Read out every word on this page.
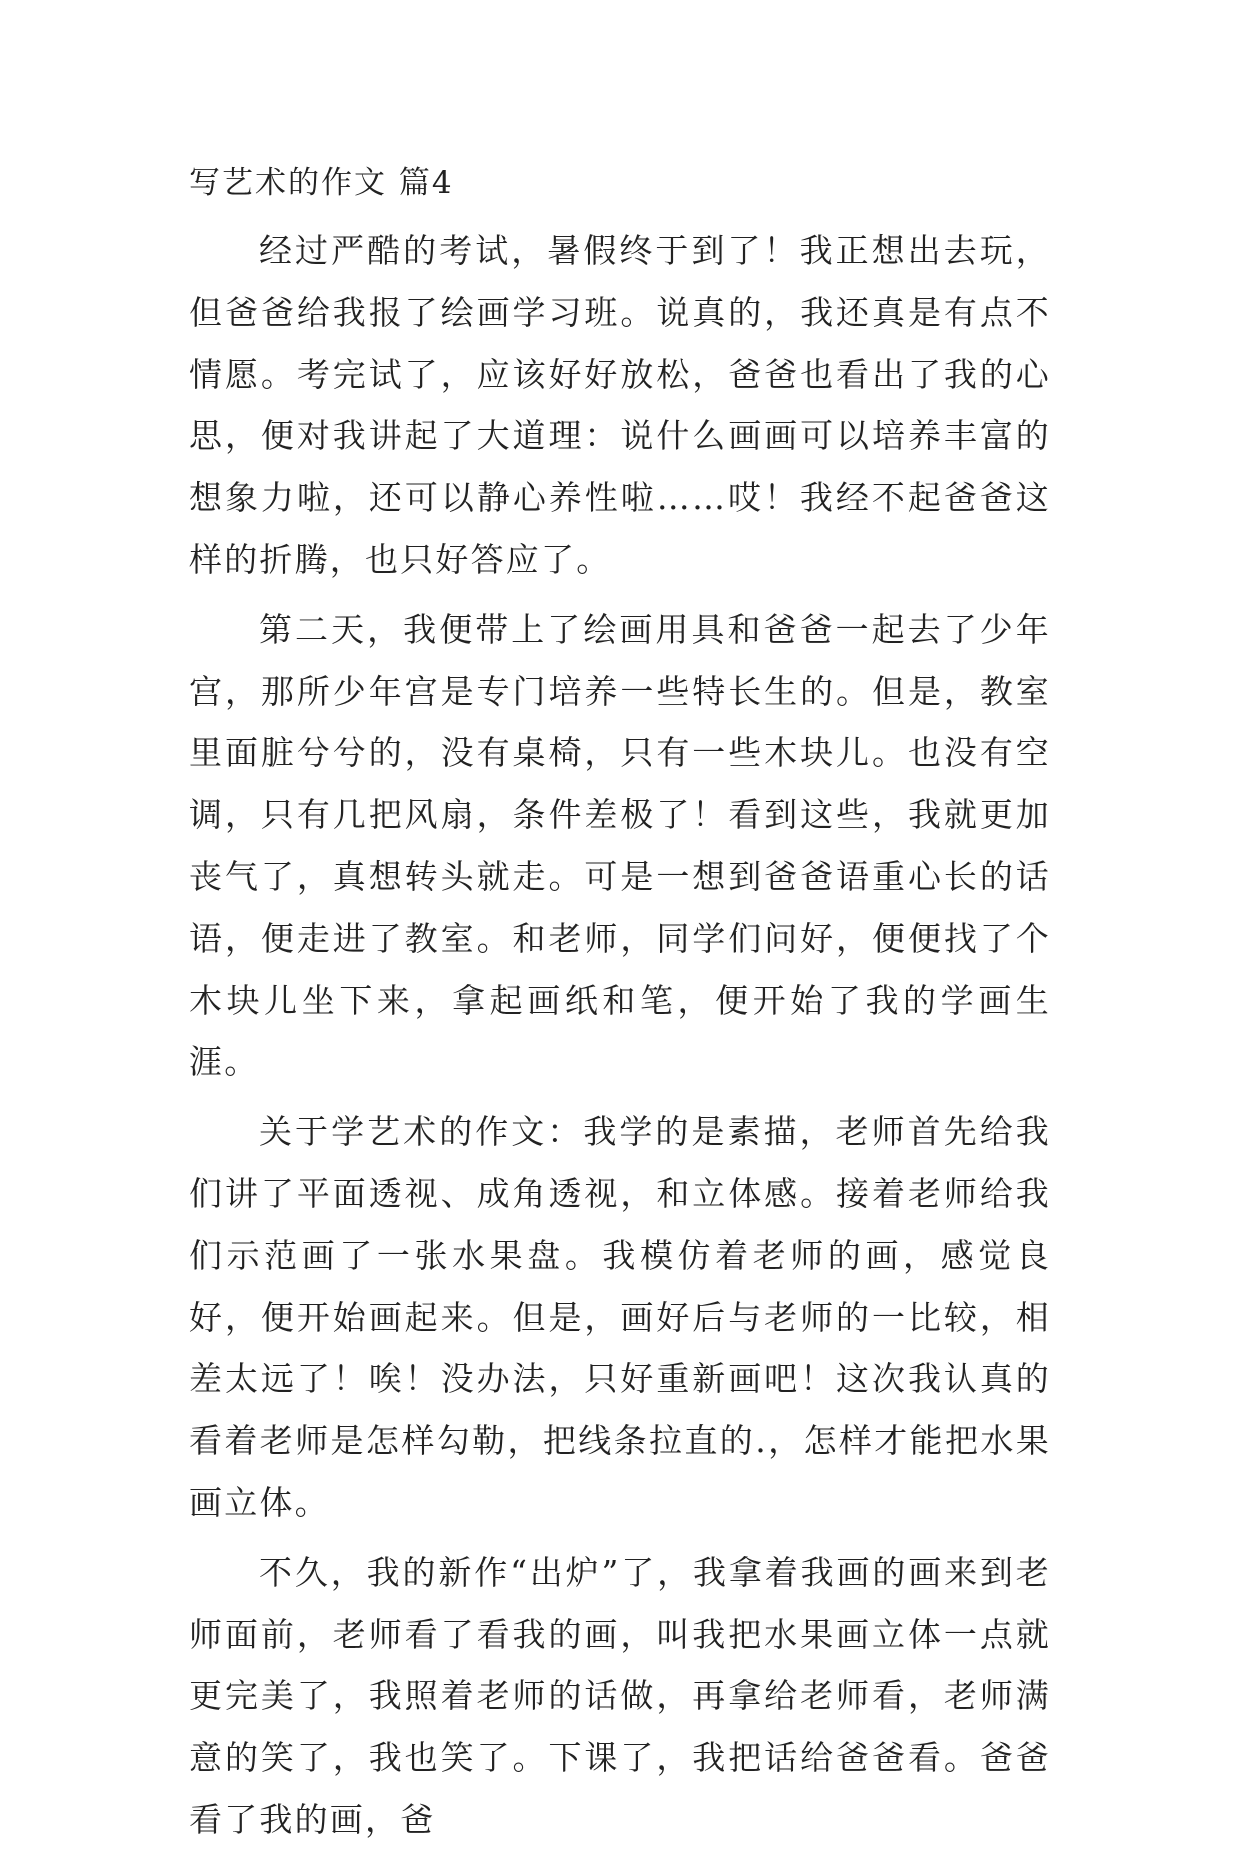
写艺术的作文 篇4

经过严酷的考试，暑假终于到了！我正想出去玩，但爸爸给我报了绘画学习班。说真的，我还真是有点不情愿。考完试了，应该好好放松，爸爸也看出了我的心思，便对我讲起了大道理：说什么画画可以培养丰富的想象力啦，还可以静心养性啦……哎！我经不起爸爸这样的折腾，也只好答应了。

第二天，我便带上了绘画用具和爸爸一起去了少年宫，那所少年宫是专门培养一些特长生的。但是，教室里面脏兮兮的，没有桌椅，只有一些木块儿。也没有空调，只有几把风扇，条件差极了！看到这些，我就更加丧气了，真想转头就走。可是一想到爸爸语重心长的话语，便走进了教室。和老师，同学们问好，便便找了个木块儿坐下来，拿起画纸和笔，便开始了我的学画生涯。

关于学艺术的作文：我学的是素描，老师首先给我们讲了平面透视、成角透视，和立体感。接着老师给我们示范画了一张水果盘。我模仿着老师的画，感觉良好，便开始画起来。但是，画好后与老师的一比较，相差太远了！唉！没办法，只好重新画吧！这次我认真的看着老师是怎样勾勒，把线条拉直的.，怎样才能把水果画立体。

不久，我的新作“出炉”了，我拿着我画的画来到老师面前，老师看了看我的画，叫我把水果画立体一点就更完美了，我照着老师的话做，再拿给老师看，老师满意的笑了，我也笑了。下课了，我把话给爸爸看。爸爸看了我的画，爸
